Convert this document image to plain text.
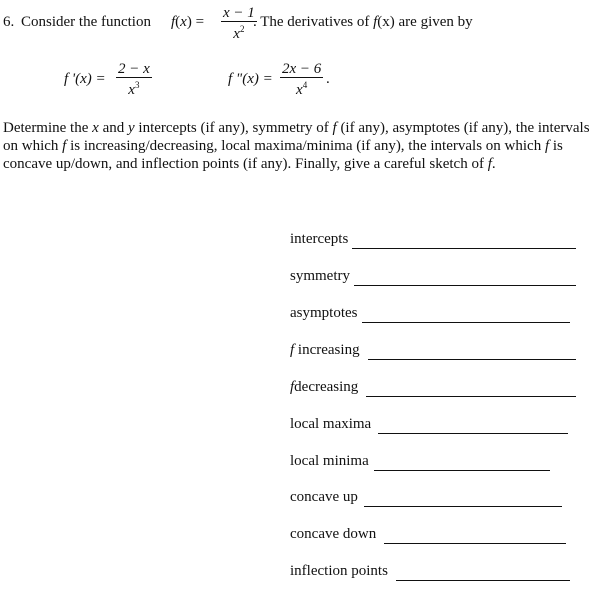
6. Consider the function $f(x) = \frac{x - 1}{x^2}$
. The derivatives of f(x) are given by
f '$(x) = \frac{2 - x}{x^3}$	f "$(x) = \frac{2x - 6}{x^4}$ .
Determine the x and y intercepts (if any), symmetry of f (if any), asymptotes (if any), the intervals on which f is increasing/decreasing, local maxima/minima (if any), the intervals on which f is concave up/down, and inflection points (if any). Finally, give a careful sketch of f.
intercepts
symmetry
asymptotes
f increasing
fdecreasing
local maxima
local minima
concave up
concave down
inflection points
